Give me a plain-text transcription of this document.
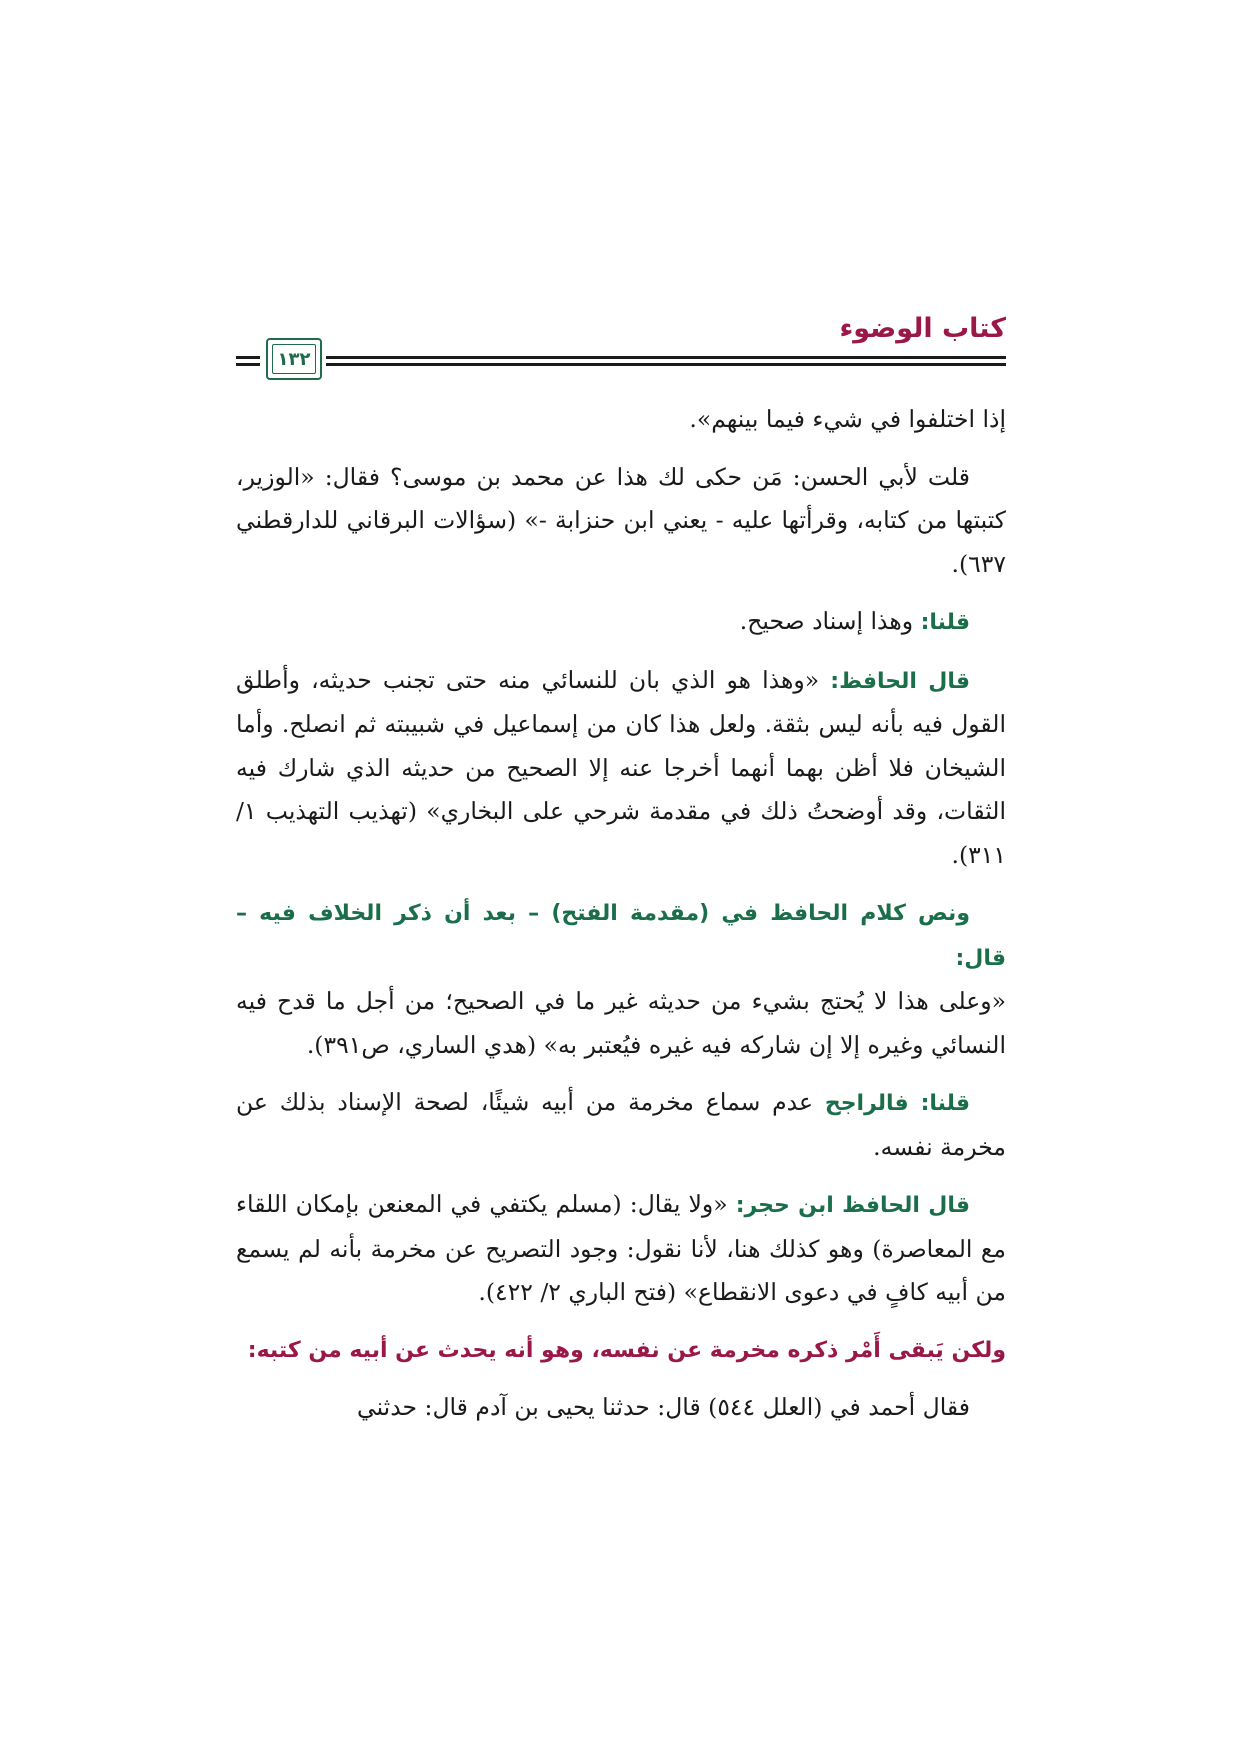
كتاب الوضوء
١٣٢

إذا اختلفوا في شيء فيما بينهم».

قلت لأبي الحسن: مَن حكى لك هذا عن محمد بن موسى؟ فقال: «الوزير، كتبتها من كتابه، وقرأتها عليه - يعني ابن حنزابة -» (سؤالات البرقاني للدارقطني ٦٣٧).

قلنا: وهذا إسناد صحيح.

قال الحافظ: «وهذا هو الذي بان للنسائي منه حتى تجنب حديثه، وأطلق القول فيه بأنه ليس بثقة. ولعل هذا كان من إسماعيل في شبيبته ثم انصلح. وأما الشيخان فلا أظن بهما أنهما أخرجا عنه إلا الصحيح من حديثه الذي شارك فيه الثقات، وقد أوضحتُ ذلك في مقدمة شرحي على البخاري» (تهذيب التهذيب ١/ ٣١١).

ونص كلام الحافظ في (مقدمة الفتح) – بعد أن ذكر الخلاف فيه – قال:
«وعلى هذا لا يُحتج بشيء من حديثه غير ما في الصحيح؛ من أجل ما قدح فيه النسائي وغيره إلا إن شاركه فيه غيره فيُعتبر به» (هدي الساري، ص٣٩١).

قلنا: فالراجح عدم سماع مخرمة من أبيه شيئًا، لصحة الإسناد بذلك عن مخرمة نفسه.

قال الحافظ ابن حجر: «ولا يقال: (مسلم يكتفي في المعنعن بإمكان اللقاء مع المعاصرة) وهو كذلك هنا، لأنا نقول: وجود التصريح عن مخرمة بأنه لم يسمع من أبيه كافٍ في دعوى الانقطاع» (فتح الباري ٢/ ٤٢٢).

ولكن يَبقى أَمْر ذكره مخرمة عن نفسه، وهو أنه يحدث عن أبيه من كتبه:

فقال أحمد في (العلل ٥٤٤) قال: حدثنا يحيى بن آدم قال: حدثني
